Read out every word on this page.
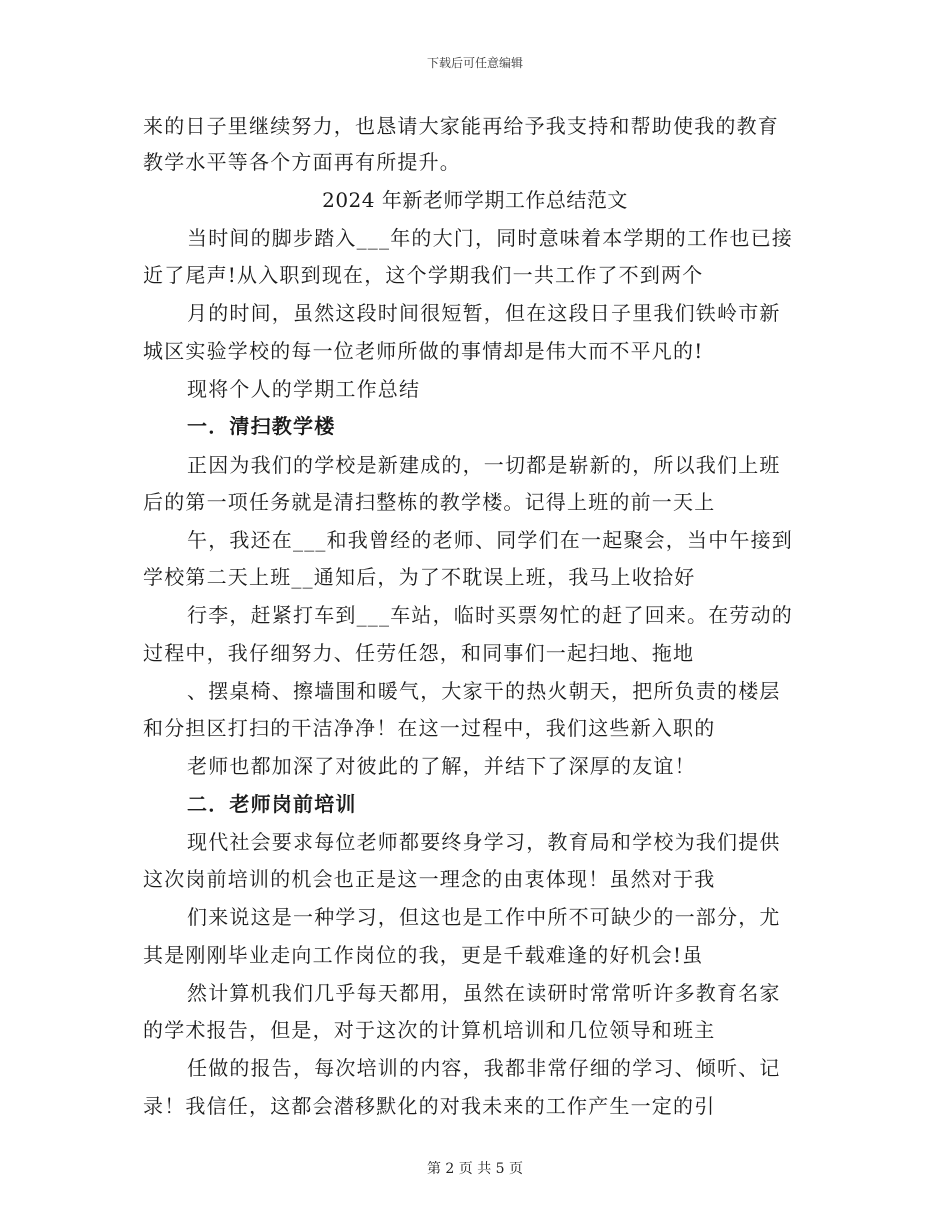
下载后可任意编辑
来的日子里继续努力，也恳请大家能再给予我支持和帮助使我的教育
教学水平等各个方面再有所提升。
2024 年新老师学期工作总结范文
当时间的脚步踏入___年的大门，同时意味着本学期的工作也已接
近了尾声!从入职到现在，这个学期我们一共工作了不到两个
月的时间，虽然这段时间很短暂，但在这段日子里我们铁岭市新
城区实验学校的每一位老师所做的事情却是伟大而不平凡的!
现将个人的学期工作总结
一．清扫教学楼
正因为我们的学校是新建成的，一切都是崭新的，所以我们上班
后的第一项任务就是清扫整栋的教学楼。记得上班的前一天上
午，我还在___和我曾经的老师、同学们在一起聚会，当中午接到
学校第二天上班__通知后，为了不耽误上班，我马上收拾好
行李，赶紧打车到___车站，临时买票匆忙的赶了回来。在劳动的
过程中，我仔细努力、任劳任怨，和同事们一起扫地、拖地
、摆桌椅、擦墙围和暖气，大家干的热火朝天，把所负责的楼层
和分担区打扫的干洁净净！在这一过程中，我们这些新入职的
老师也都加深了对彼此的了解，并结下了深厚的友谊！
二．老师岗前培训
现代社会要求每位老师都要终身学习，教育局和学校为我们提供
这次岗前培训的机会也正是这一理念的由衷体现！虽然对于我
们来说这是一种学习，但这也是工作中所不可缺少的一部分，尤
其是刚刚毕业走向工作岗位的我，更是千载难逢的好机会!虽
然计算机我们几乎每天都用，虽然在读研时常常听许多教育名家
的学术报告，但是，对于这次的计算机培训和几位领导和班主
任做的报告，每次培训的内容，我都非常仔细的学习、倾听、记
录！我信任，这都会潜移默化的对我未来的工作产生一定的引
第 2 页 共 5 页
